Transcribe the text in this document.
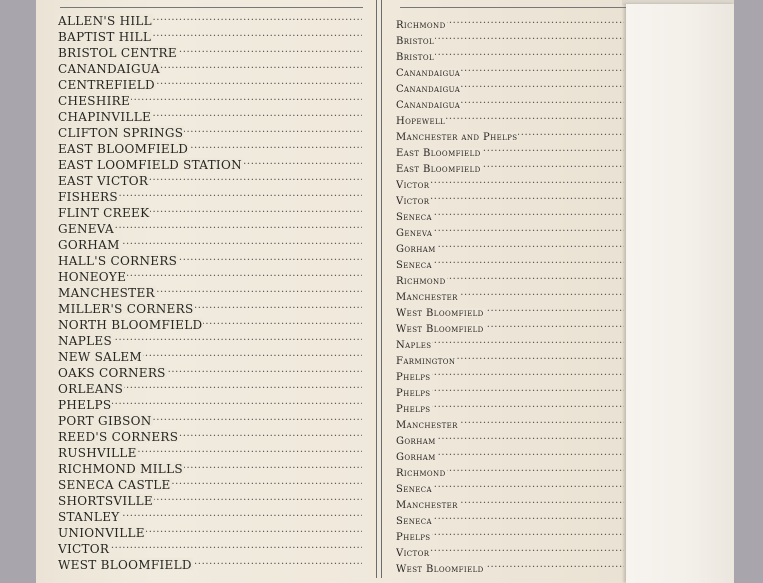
ALLEN'S HILL .....
BAPTIST HILL .....
BRISTOL CENTRE .....
CANANDAIGUA .....
CENTREFIELD .....
CHESHIRE .....
CHAPINVILLE .....
CLIFTON SPRINGS .....
EAST BLOOMFIELD .....
EAST LOOMFIELD STATION .....
EAST VICTOR .....
FISHERS .....
FLINT CREEK .....
GENEVA .....
GORHAM .....
HALL'S CORNERS .....
HONEOYE .....
MANCHESTER .....
MILLER'S CORNERS .....
NORTH BLOOMFIELD .....
NAPLES .....
NEW SALEM .....
OAKS CORNERS .....
ORLEANS .....
PHELPS .....
PORT GIBSON .....
REED'S CORNERS .....
RUSHVILLE .....
RICHMOND MILLS .....
SENECA CASTLE .....
SHORTSVILLE .....
STANLEY .....
UNIONVILLE .....
VICTOR .....
WEST BLOOMFIELD .....
Richmond .....
Bristol .....
Bristol .....
Canandaigua .....
Canandaigua .....
Canandaigua .....
Hopewell .....
Manchester and Phelps .....
East Bloomfield .....
East Bloomfield .....
Victor .....
Victor .....
Seneca .....
Geneva .....
Gorham .....
Seneca .....
Richmond .....
Manchester .....
West Bloomfield .....
West Bloomfield .....
Naples .....
Farmington .....
Phelps .....
Phelps .....
Phelps .....
Manchester .....
Gorham .....
Gorham .....
Richmond .....
Seneca .....
Manchester .....
Seneca .....
Phelps .....
Victor .....
West Bloomfield .....
